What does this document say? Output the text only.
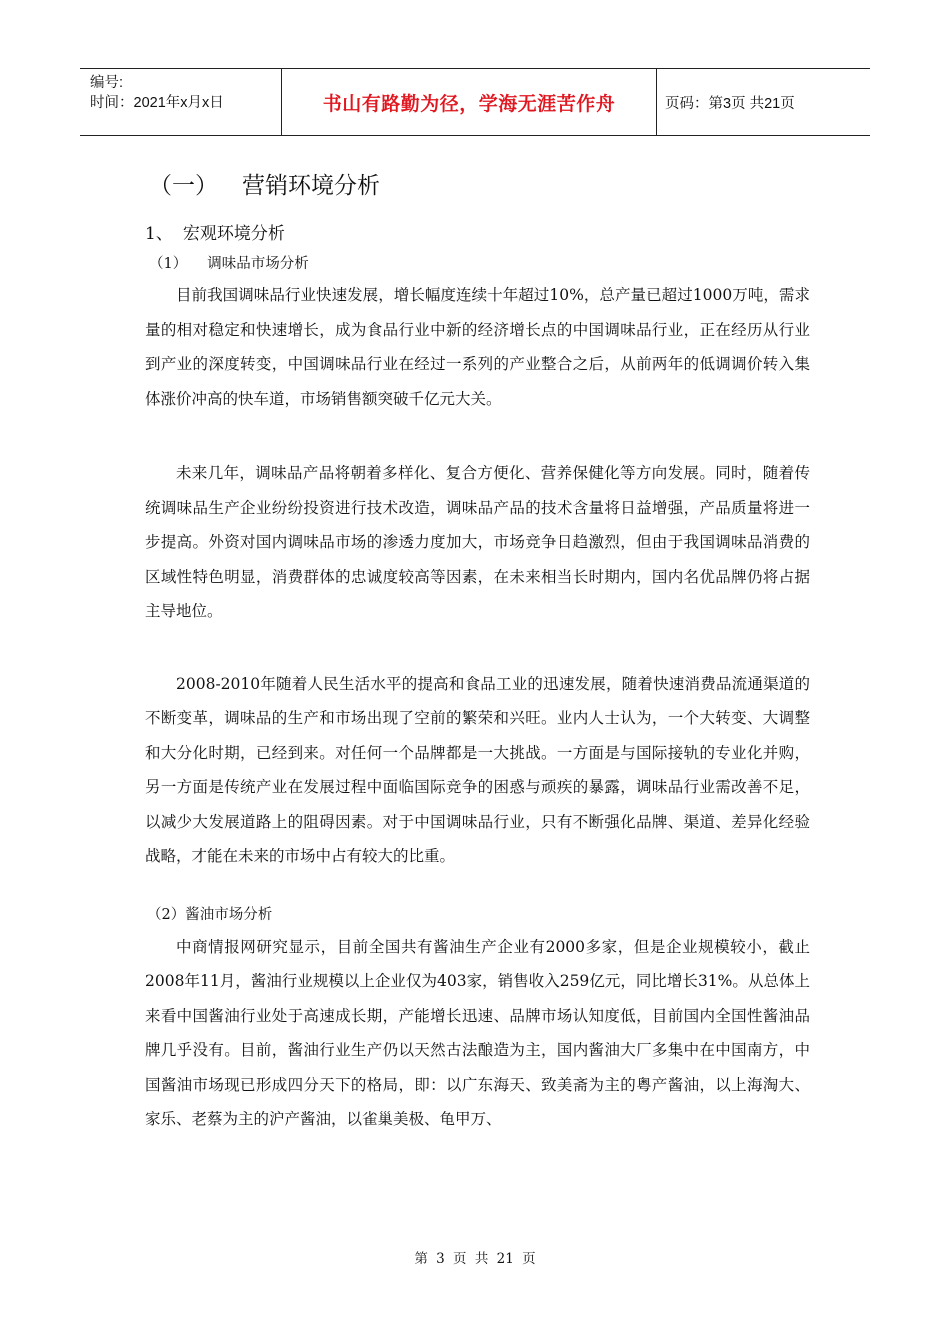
编号:
时间：2021年x月x日	书山有路勤为径，学海无涯苦作舟	页码：第3页 共21页
（一） 营销环境分析
1、 宏观环境分析
（1） 调味品市场分析

目前我国调味品行业快速发展，增长幅度连续十年超过10%，总产量已超过1000万吨，需求量的相对稳定和快速增长，成为食品行业中新的经济增长点的中国调味品行业，正在经历从行业到产业的深度转变，中国调味品行业在经过一系列的产业整合之后，从前两年的低调调价转入集体涨价冲高的快车道，市场销售额突破千亿元大关。

未来几年，调味品产品将朝着多样化、复合方便化、营养保健化等方向发展。同时，随着传统调味品生产企业纷纷投资进行技术改造，调味品产品的技术含量将日益增强，产品质量将进一步提高。外资对国内调味品市场的渗透力度加大，市场竞争日趋激烈，但由于我国调味品消费的区域性特色明显，消费群体的忠诚度较高等因素，在未来相当长时期内，国内名优品牌仍将占据主导地位。

2008-2010年随着人民生活水平的提高和食品工业的迅速发展，随着快速消费品流通渠道的不断变革，调味品的生产和市场出现了空前的繁荣和兴旺。业内人士认为，一个大转变、大调整和大分化时期，已经到来。对任何一个品牌都是一大挑战。一方面是与国际接轨的专业化并购，另一方面是传统产业在发展过程中面临国际竞争的困惑与顽疾的暴露，调味品行业需改善不足，以减少大发展道路上的阻碍因素。对于中国调味品行业，只有不断强化品牌、渠道、差异化经验战略，才能在未来的市场中占有较大的比重。

（2）酱油市场分析

中商情报网研究显示，目前全国共有酱油生产企业有2000多家，但是企业规模较小，截止2008年11月，酱油行业规模以上企业仅为403家，销售收入259亿元，同比增长31%。从总体上来看中国酱油行业处于高速成长期，产能增长迅速、品牌市场认知度低，目前国内全国性酱油品牌几乎没有。目前，酱油行业生产仍以天然古法酿造为主，国内酱油大厂多集中在中国南方，中国酱油市场现已形成四分天下的格局，即：以广东海天、致美斋为主的粤产酱油，以上海淘大、家乐、老蔡为主的沪产酱油，以雀巢美极、龟甲万、

第 3 页 共 21 页
